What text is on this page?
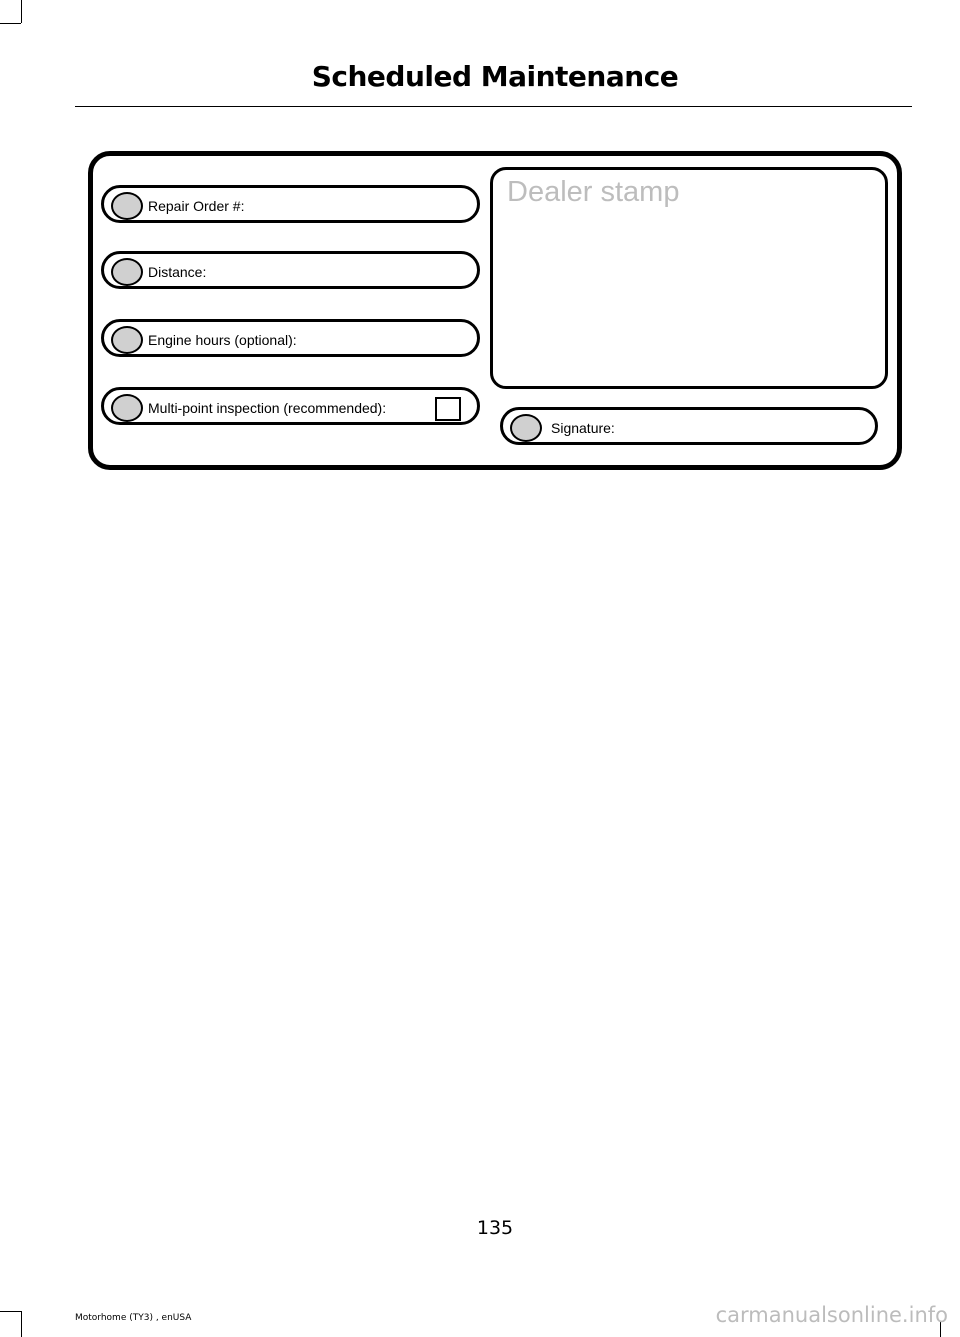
Scheduled Maintenance
Repair Order #:
Distance:
Engine hours (optional):
Multi-point inspection (recommended):
Dealer stamp
Signature:
135
Motorhome (TY3) , enUSA	carmanualsonline.info
